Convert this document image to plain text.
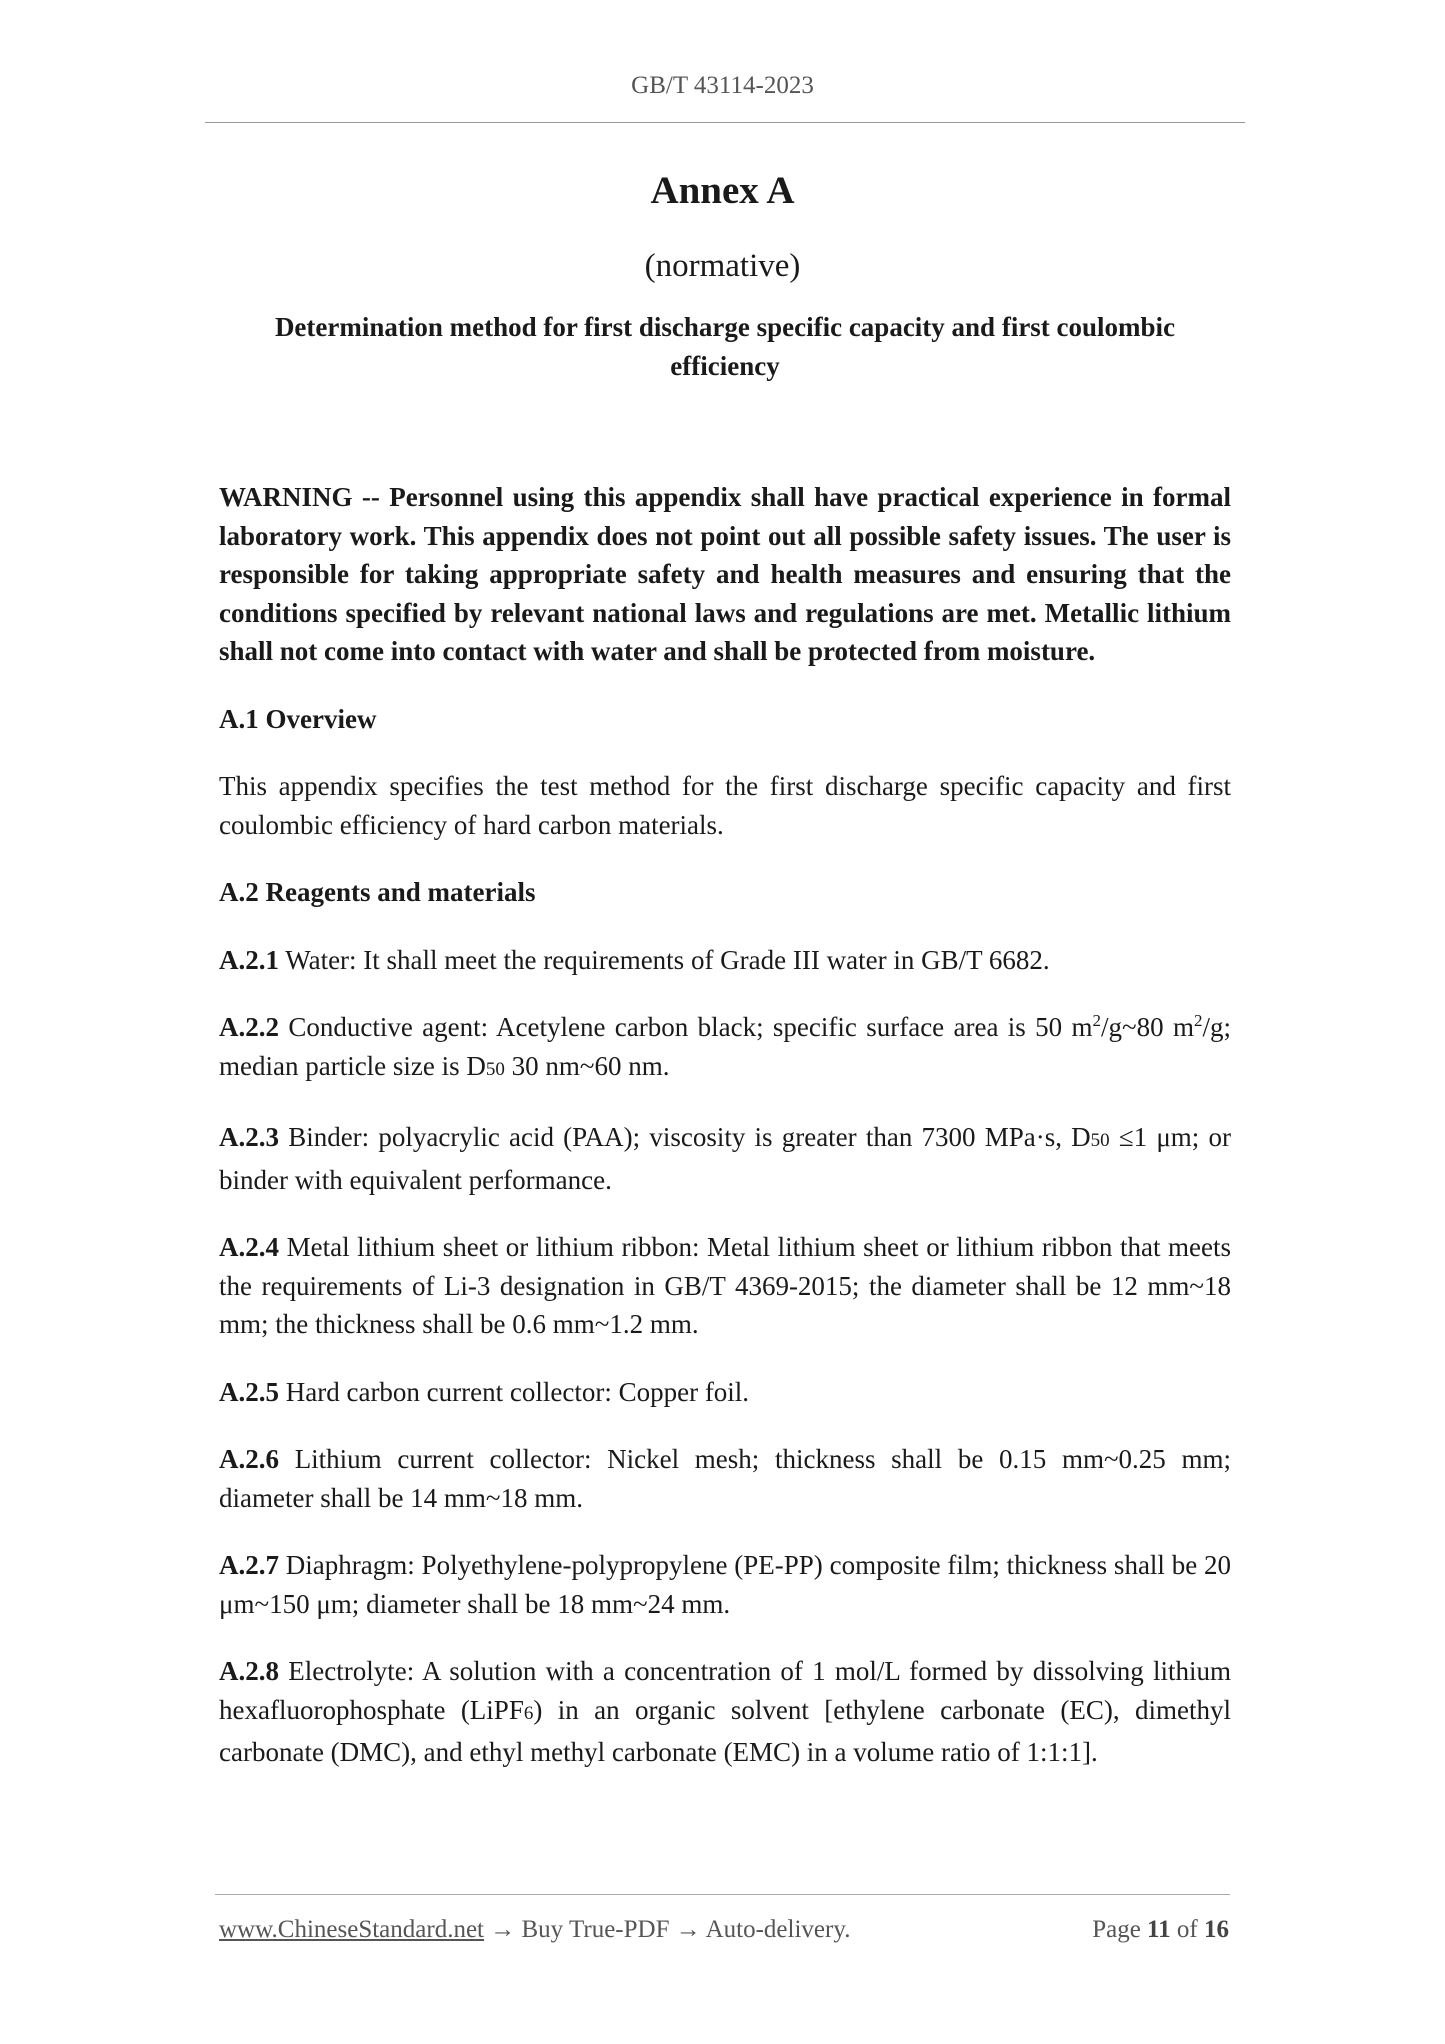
GB/T 43114-2023
Annex A
(normative)
Determination method for first discharge specific capacity and first coulombic efficiency

WARNING -- Personnel using this appendix shall have practical experience in formal laboratory work. This appendix does not point out all possible safety issues. The user is responsible for taking appropriate safety and health measures and ensuring that the conditions specified by relevant national laws and regulations are met. Metallic lithium shall not come into contact with water and shall be protected from moisture.

A.1 Overview

This appendix specifies the test method for the first discharge specific capacity and first coulombic efficiency of hard carbon materials.

A.2 Reagents and materials

A.2.1 Water: It shall meet the requirements of Grade III water in GB/T 6682.

A.2.2 Conductive agent: Acetylene carbon black; specific surface area is 50 $m^2/g\sim 80$ $m^2/g$; median particle size is D50 30 nm~60 nm.

A.2.3 Binder: polyacrylic acid (PAA); viscosity is greater than 7300 MPa·s, D50 ≤1 μm; or binder with equivalent performance.

A.2.4 Metal lithium sheet or lithium ribbon: Metal lithium sheet or lithium ribbon that meets the requirements of Li-3 designation in GB/T 4369-2015; the diameter shall be 12 mm~18 mm; the thickness shall be 0.6 mm~1.2 mm.

A.2.5 Hard carbon current collector: Copper foil.

A.2.6 Lithium current collector: Nickel mesh; thickness shall be 0.15 mm~0.25 mm; diameter shall be 14 mm~18 mm.

A.2.7 Diaphragm: Polyethylene-polypropylene (PE-PP) composite film; thickness shall be 20 μm~150 μm; diameter shall be 18 mm~24 mm.

A.2.8 Electrolyte: A solution with a concentration of 1 mol/L formed by dissolving lithium hexafluorophosphate (LiPF6) in an organic solvent [ethylene carbonate (EC), dimethyl carbonate (DMC), and ethyl methyl carbonate (EMC) in a volume ratio of 1:1:1].

www.ChineseStandard.net → Buy True-PDF → Auto-delivery.	Page 11 of 16
